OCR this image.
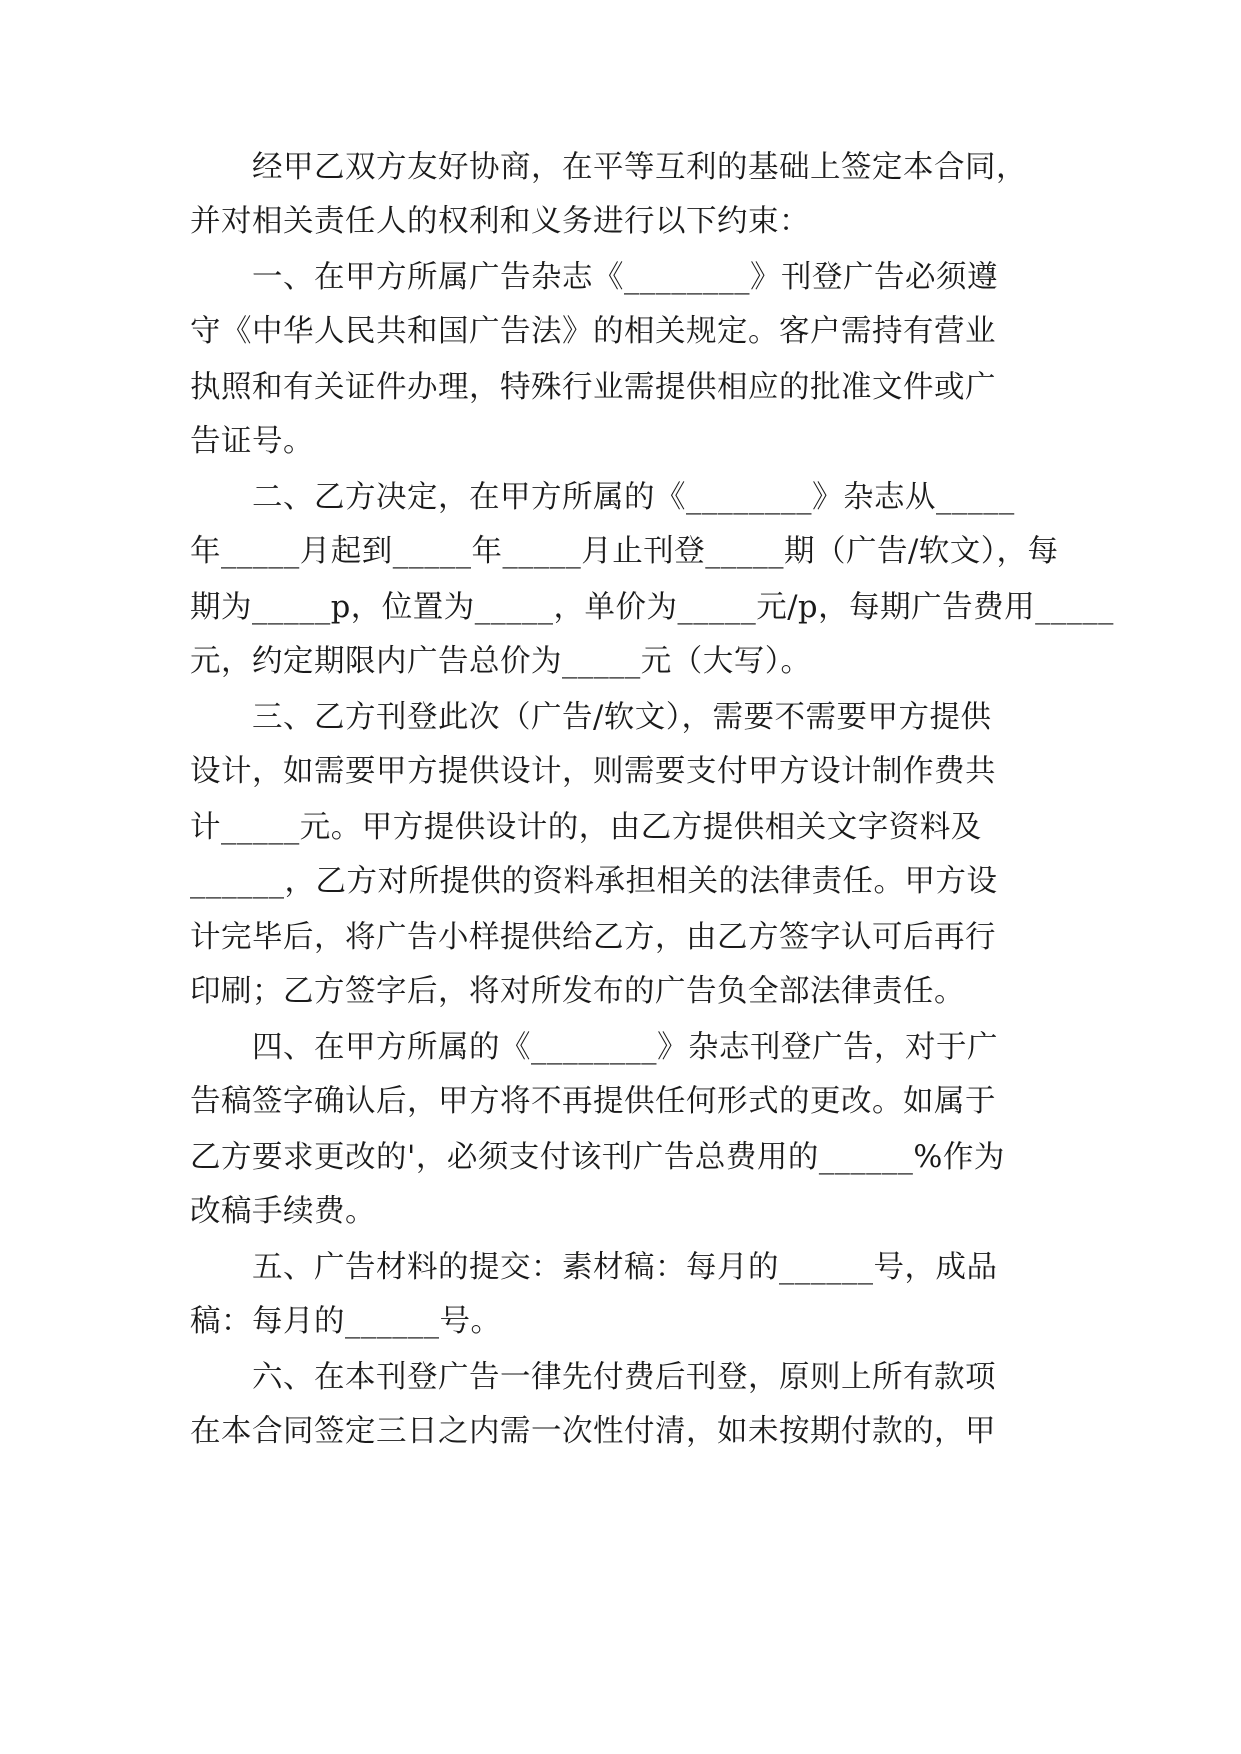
经甲乙双方友好协商，在平等互利的基础上签定本合同，
并对相关责任人的权利和义务进行以下约束：
一、在甲方所属广告杂志《________》刊登广告必须遵
守《中华人民共和国广告法》的相关规定。客户需持有营业
执照和有关证件办理，特殊行业需提供相应的批准文件或广
告证号。
二、乙方决定，在甲方所属的《________》杂志从_____
年_____月起到_____年_____月止刊登_____期（广告/软文），每
期为_____p，位置为_____，单价为_____元/p，每期广告费用_____
元，约定期限内广告总价为_____元（大写）。
三、乙方刊登此次（广告/软文），需要不需要甲方提供
设计，如需要甲方提供设计，则需要支付甲方设计制作费共
计_____元。甲方提供设计的，由乙方提供相关文字资料及
______，乙方对所提供的资料承担相关的法律责任。甲方设
计完毕后，将广告小样提供给乙方，由乙方签字认可后再行
印刷；乙方签字后，将对所发布的广告负全部法律责任。
四、在甲方所属的《________》杂志刊登广告，对于广
告稿签字确认后，甲方将不再提供任何形式的更改。如属于
乙方要求更改的'，必须支付该刊广告总费用的______%作为
改稿手续费。
五、广告材料的提交：素材稿：每月的______号，成品
稿：每月的______号。
六、在本刊登广告一律先付费后刊登，原则上所有款项
在本合同签定三日之内需一次性付清，如未按期付款的，甲
